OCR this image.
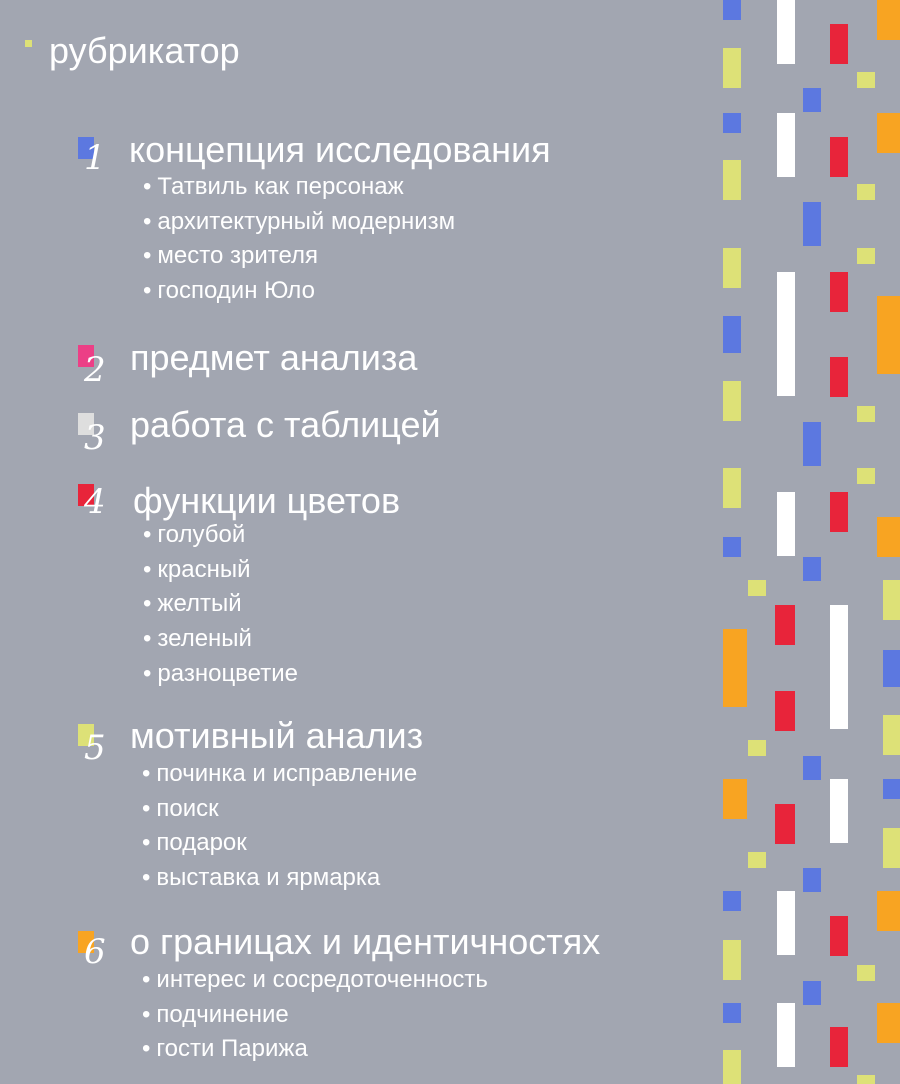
рубрикатор
1 концепция исследования
• Татвиль как персонаж
• архитектурный модернизм
• место зрителя
• господин Юло
2 предмет анализа
3 работа с таблицей
4 функции цветов
• голубой
• красный
• желтый
• зеленый
• разноцветие
5 мотивный анализ
• починка и исправление
• поиск
• подарок
• выставка и ярмарка
6 о границах и идентичностях
• интерес и сосредоточенность
• подчинение
• гости Парижа
